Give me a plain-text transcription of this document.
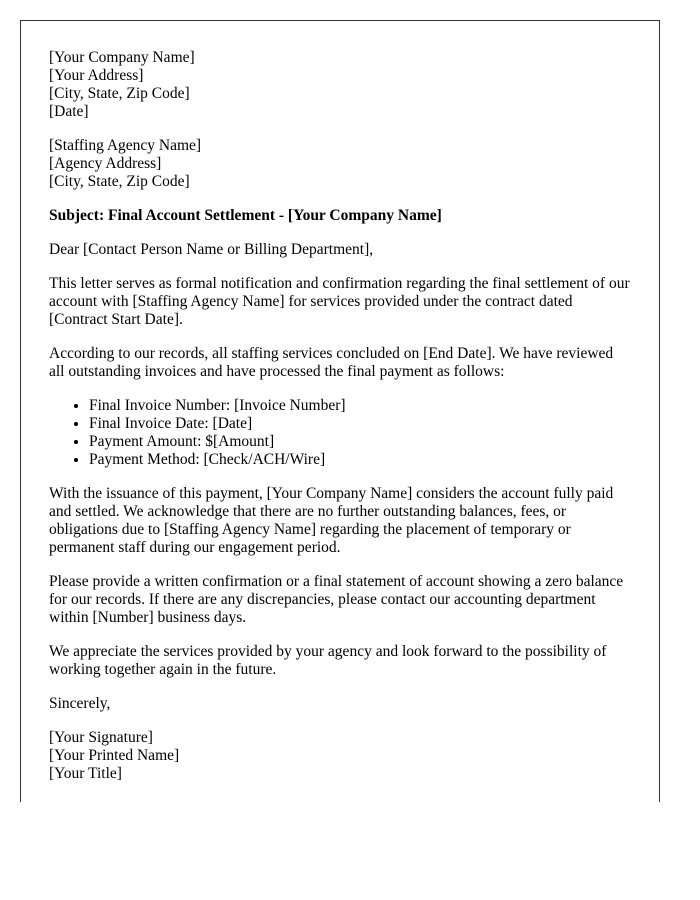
[Your Company Name]
[Your Address]
[City, State, Zip Code]
[Date]

[Staffing Agency Name]
[Agency Address]
[City, State, Zip Code]

Subject: Final Account Settlement - [Your Company Name]

Dear [Contact Person Name or Billing Department],

This letter serves as formal notification and confirmation regarding the final settlement of our account with [Staffing Agency Name] for services provided under the contract dated [Contract Start Date].

According to our records, all staffing services concluded on [End Date]. We have reviewed all outstanding invoices and have processed the final payment as follows:

• Final Invoice Number: [Invoice Number]
• Final Invoice Date: [Date]
• Payment Amount: $[Amount]
• Payment Method: [Check/ACH/Wire]

With the issuance of this payment, [Your Company Name] considers the account fully paid and settled. We acknowledge that there are no further outstanding balances, fees, or obligations due to [Staffing Agency Name] regarding the placement of temporary or permanent staff during our engagement period.

Please provide a written confirmation or a final statement of account showing a zero balance for our records. If there are any discrepancies, please contact our accounting department within [Number] business days.

We appreciate the services provided by your agency and look forward to the possibility of working together again in the future.

Sincerely,

[Your Signature]
[Your Printed Name]
[Your Title]
